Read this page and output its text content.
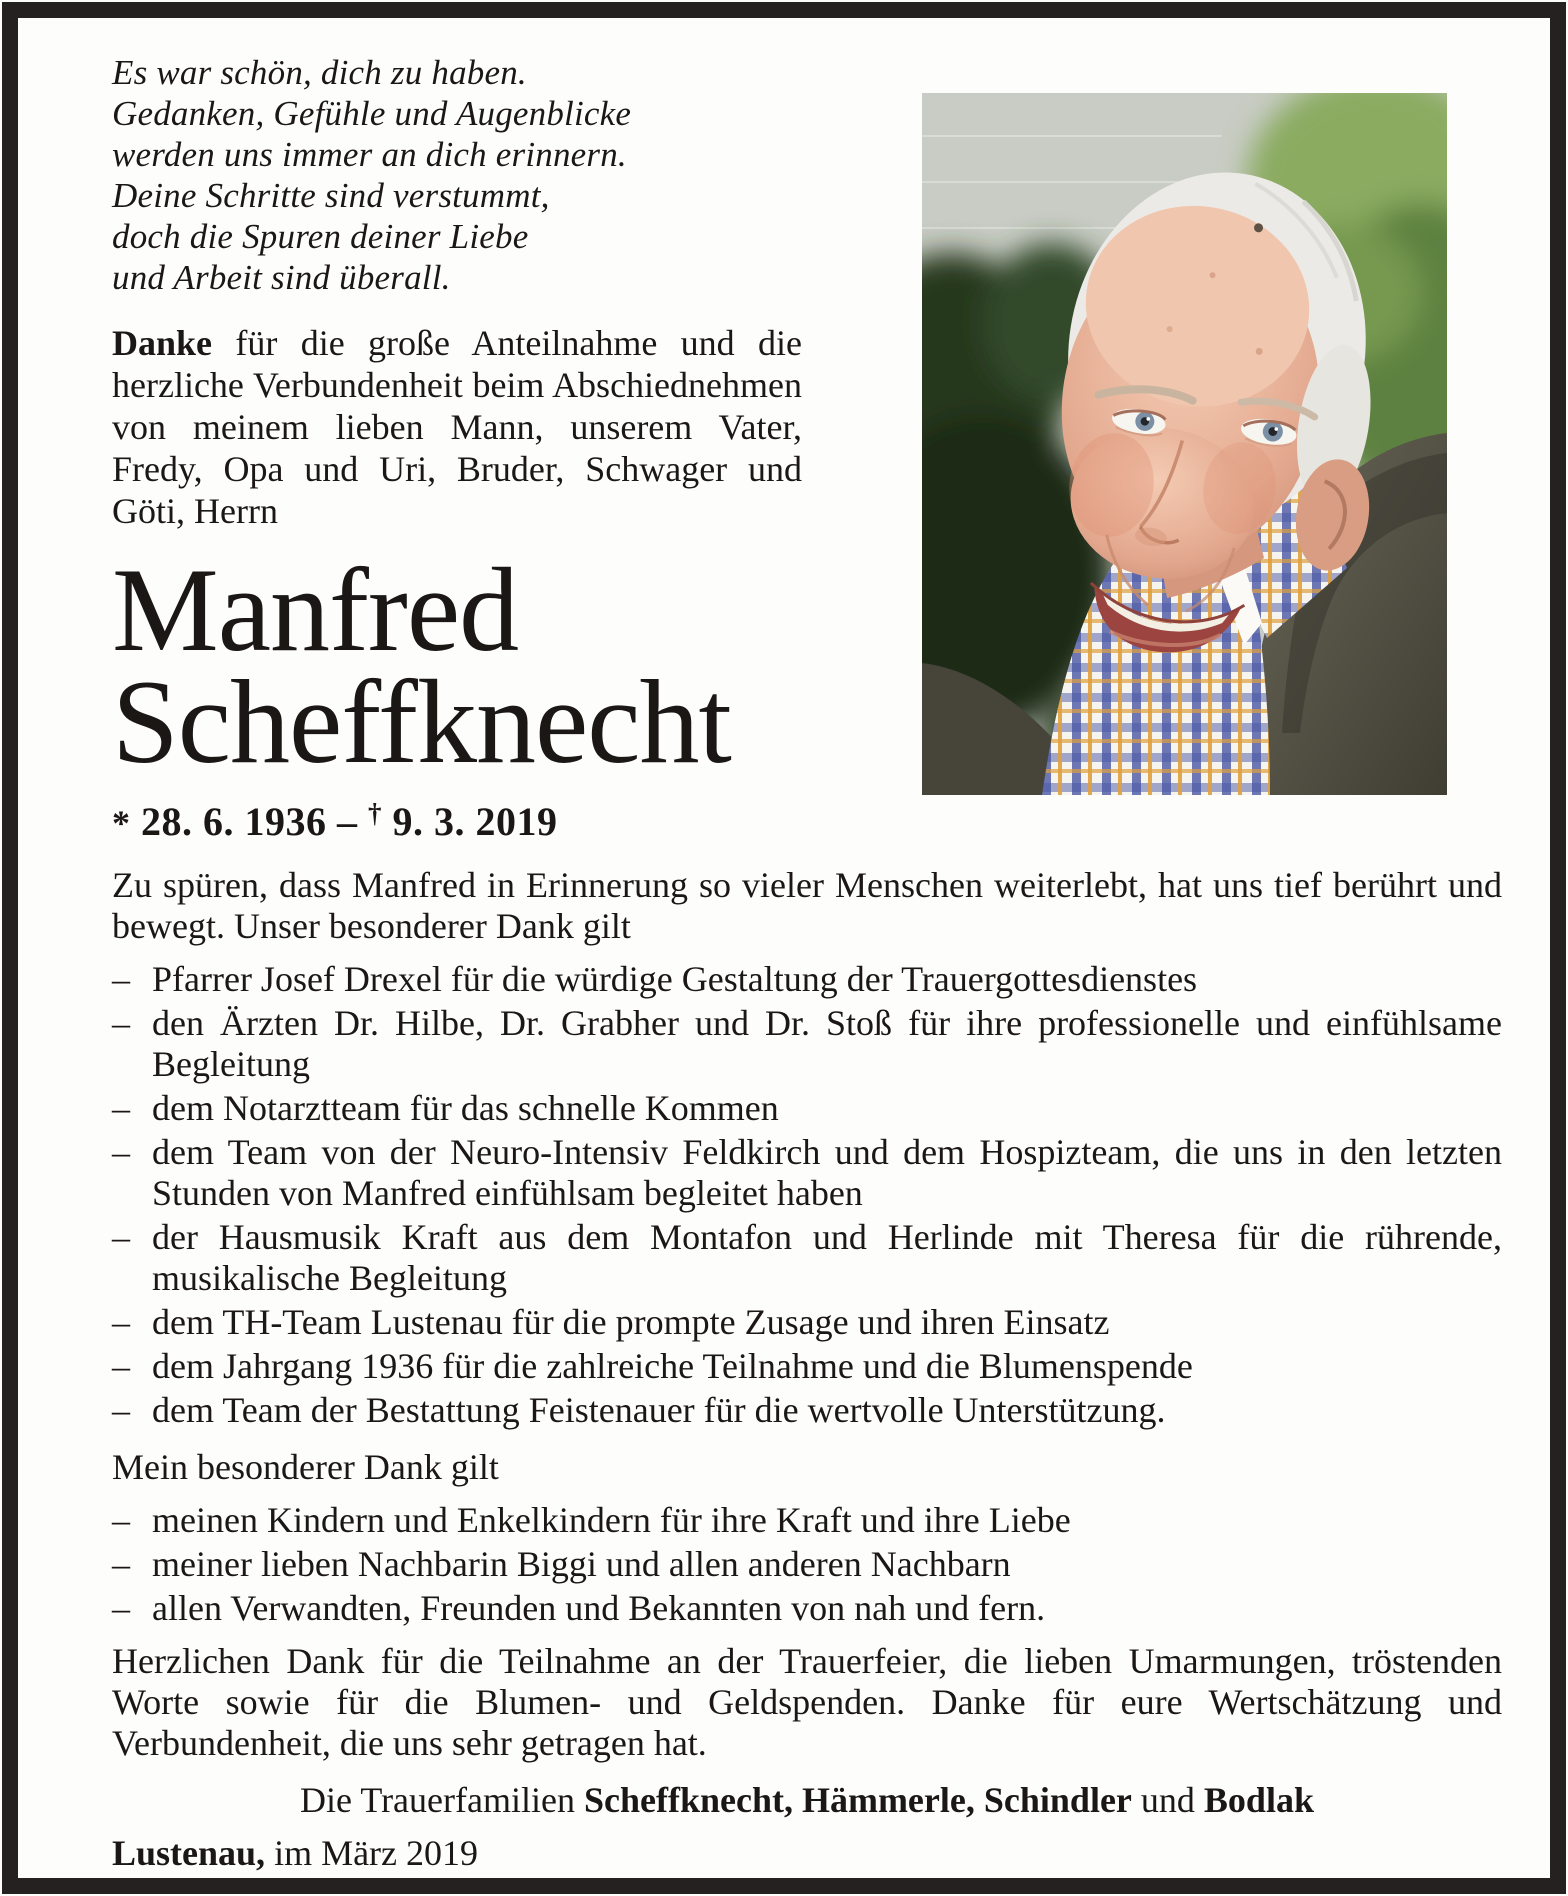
Es war schön, dich zu haben.
Gedanken, Gefühle und Augenblicke
werden uns immer an dich erinnern.
Deine Schritte sind verstummt,
doch die Spuren deiner Liebe
und Arbeit sind überall.

Danke für die große Anteilnahme und die herzliche Verbundenheit beim Abschiednehmen von meinem lieben Mann, unserem Vater, Fredy, Opa und Uri, Bruder, Schwager und Göti, Herrn

Manfred
Scheffknecht
* 28. 6. 1936 – † 9. 3. 2019

Zu spüren, dass Manfred in Erinnerung so vieler Menschen weiterlebt, hat uns tief berührt und bewegt. Unser besonderer Dank gilt

– Pfarrer Josef Drexel für die würdige Gestaltung der Trauergottesdienstes
– den Ärzten Dr. Hilbe, Dr. Grabher und Dr. Stoß für ihre professionelle und einfühlsame Begleitung
– dem Notarztteam für das schnelle Kommen
– dem Team von der Neuro-Intensiv Feldkirch und dem Hospizteam, die uns in den letzten Stunden von Manfred einfühlsam begleitet haben
– der Hausmusik Kraft aus dem Montafon und Herlinde mit Theresa für die rührende, musikalische Begleitung
– dem TH-Team Lustenau für die prompte Zusage und ihren Einsatz
– dem Jahrgang 1936 für die zahlreiche Teilnahme und die Blumenspende
– dem Team der Bestattung Feistenauer für die wertvolle Unterstützung.

Mein besonderer Dank gilt

– meinen Kindern und Enkelkindern für ihre Kraft und ihre Liebe
– meiner lieben Nachbarin Biggi und allen anderen Nachbarn
– allen Verwandten, Freunden und Bekannten von nah und fern.

Herzlichen Dank für die Teilnahme an der Trauerfeier, die lieben Umarmungen, tröstenden Worte sowie für die Blumen- und Geldspenden. Danke für eure Wertschätzung und Verbundenheit, die uns sehr getragen hat.

Die Trauerfamilien Scheffknecht, Hämmerle, Schindler und Bodlak

Lustenau, im März 2019
